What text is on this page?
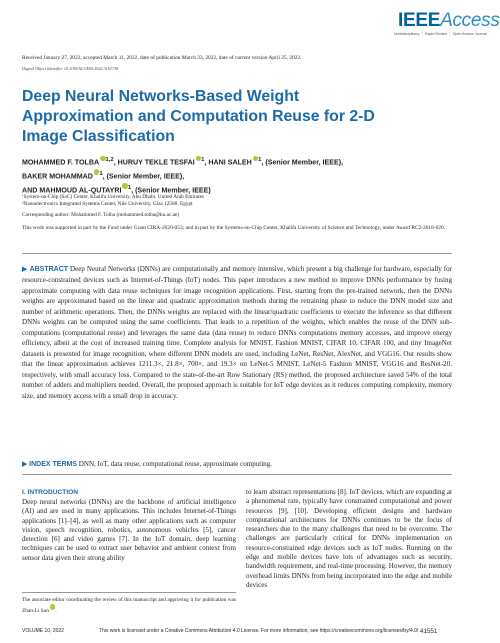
IEEEAccess
Multidisciplinary ⋮ Rapid Review ⋮ Open Access Journal
Received January 27, 2022, accepted March 11, 2022, date of publication March 23, 2022, date of current version April 25, 2022.
Digital Object Identifier 10.1109/ACCESS.2022.3161738
Deep Neural Networks-Based Weight Approximation and Computation Reuse for 2-D Image Classification
MOHAMMED F. TOLBA $^{1,2}$, HURUY TEKLE TESFAI $^1$, HANI SALEH $^1$, (Senior Member, IEEE),
BAKER MOHAMMAD $^1$, (Senior Member, IEEE),
AND MAHMOUD AL-QUTAYRI $^1$, (Senior Member, IEEE)
¹System-on-Chip (SoC) Center, Khalifa University, Abu Dhabi, United Arab Emirates
²Nanoelectronics Integrated Systems Center, Nile University, Giza 12588, Egypt
Corresponding author: Mohammed F. Tolba (mohammed.tolba@ku.ac.ae)
This work was supported in part by the Fund under Grant CIRA-2020-053; and in part by the Systems-on-Chip Center, Khalifa University of Science and Technology, under Award RC2-2018-020.
▶ ABSTRACT Deep Neural Networks (DNNs) are computationally and memory intensive, which present a big challenge for hardware, especially for resource-constrained devices such as Internet-of-Things (IoT) nodes. This paper introduces a new method to improve DNNs performance by fusing approximate computing with data reuse techniques for image recognition applications. First, starting from the pre-trained network, then the DNNs weights are approximated based on the linear and quadratic approximation methods during the retraining phase to reduce the DNN model size and number of arithmetic operations. Then, the DNNs weights are replaced with the linear/quadratic coefficients to execute the inference so that different DNNs weights can be computed using the same coefficients. That leads to a repetition of the weights, which enables the reuse of the DNN sub-computations (computational reuse) and leverages the same data (data reuse) to reduce DNNs computations memory accesses, and improve energy efficiency, albeit at the cost of increased training time. Complete analysis for MNIST, Fashion MNIST, CIFAR 10, CIFAR 100, and tiny ImageNet datasets is presented for image recognition, where different DNN models are used, including LeNet, ResNet, AlexNet, and VGG16. Our results show that the linear approximation achieves 1211.3×, 21.8×, 700×, and 19.3× on LeNet-5 MNIST, LeNet-5 Fashion MNIST, VGG16 and ResNet-20. respectively, with small accuracy loss. Compared to the state-of-the-art Row Stationary (RS) method, the proposed architecture saved 54% of the total number of adders and multipliers needed. Overall, the proposed approach is suitable for IoT edge devices as it reduces computing complexity, memory size, and memory access with a small drop in accuracy.
▶ INDEX TERMS DNN, IoT, data reuse, computational reuse, approximate computing.
I. INTRODUCTION
Deep neural networks (DNNs) are the backbone of artificial intelligence (AI) and are used in many applications. This includes Internet-of-Things applications [1]–[4], as well as many other applications such as computer vision, speech recognition, robotics, autonomous vehicles [5], cancer detection [6] and video games [7]. In the IoT domain, deep learning techniques can be used to extract user behavior and ambient context from sensor data given their strong ability
to learn abstract representations [8]. IoT devices, which are expanding at a phenomenal rate, typically have constrained computational and power resources [9], [10]. Developing efficient designs and hardware computational architectures for DNNs continues to be the focus of researchers due to the many challenges that need to be overcome. The challenges are particularly critical for DNNs implementation on resource-constrained edge devices such as IoT nodes. Running on the edge and mobile devices have lots of advantages such as security, bandwidth requirement, and real-time processing. However, the memory overhead limits DNNs from being incorporated into the edge and mobile devices
The associate editor coordinating the review of this manuscript and approving it for publication was Zhan-Li Sun .
VOLUME 10, 2022	This work is licensed under a Creative Commons Attribution 4.0 License. For more information, see https://creativecommons.org/licenses/by/4.0/ 41551
